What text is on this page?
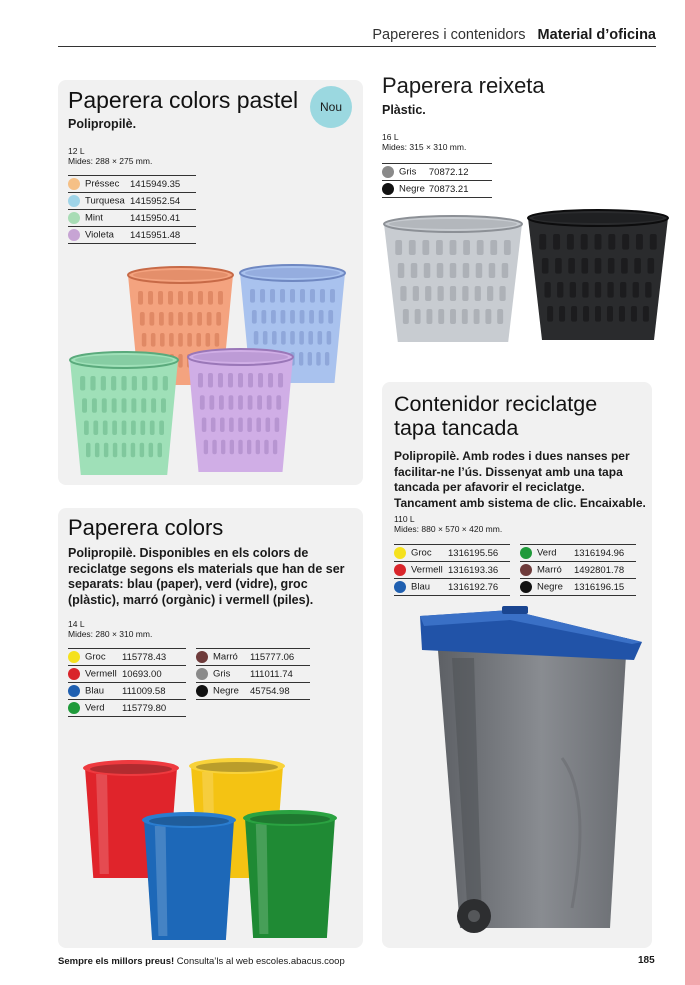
Papereres i contenidors Material d’oficina
Paperera colors pastel
Polipropilè.
12 L
Mides: 288 × 275 mm.
Préssec	1415949.35
Turquesa	1415952.54
Mint	1415950.41
Violeta	1415951.48
Nou
Paperera reixeta
Plàstic.
16 L
Mides: 315 × 310 mm.
Gris	70872.12
Negre	70873.21
Paperera colors
Polipropilè. Disponibles en els colors de reciclatge segons els materials que han de ser separats: blau (paper), verd (vidre), groc (plàstic), marró (orgànic) i vermell (piles).
14 L
Mides: 280 × 310 mm.
Groc	115778.43
Vermell	10693.00
Blau	111009.58
Verd	115779.80
Marró	115777.06
Gris	111011.74
Negre	45754.98
Contenidor reciclatge
tapa tancada
Polipropilè. Amb rodes i dues nanses per facilitar-ne l’ús. Dissenyat amb una tapa tancada per afavorir el reciclatge. Tancament amb sistema de clic. Encaixable.
110 L
Mides: 880 × 570 × 420 mm.
Groc	1316195.56
Vermell	1316193.36
Blau	1316192.76
Verd	1316194.96
Marró	1492801.78
Negre	1316196.15
Sempre els millors preus! Consulta’ls al web escoles.abacus.coop	185
